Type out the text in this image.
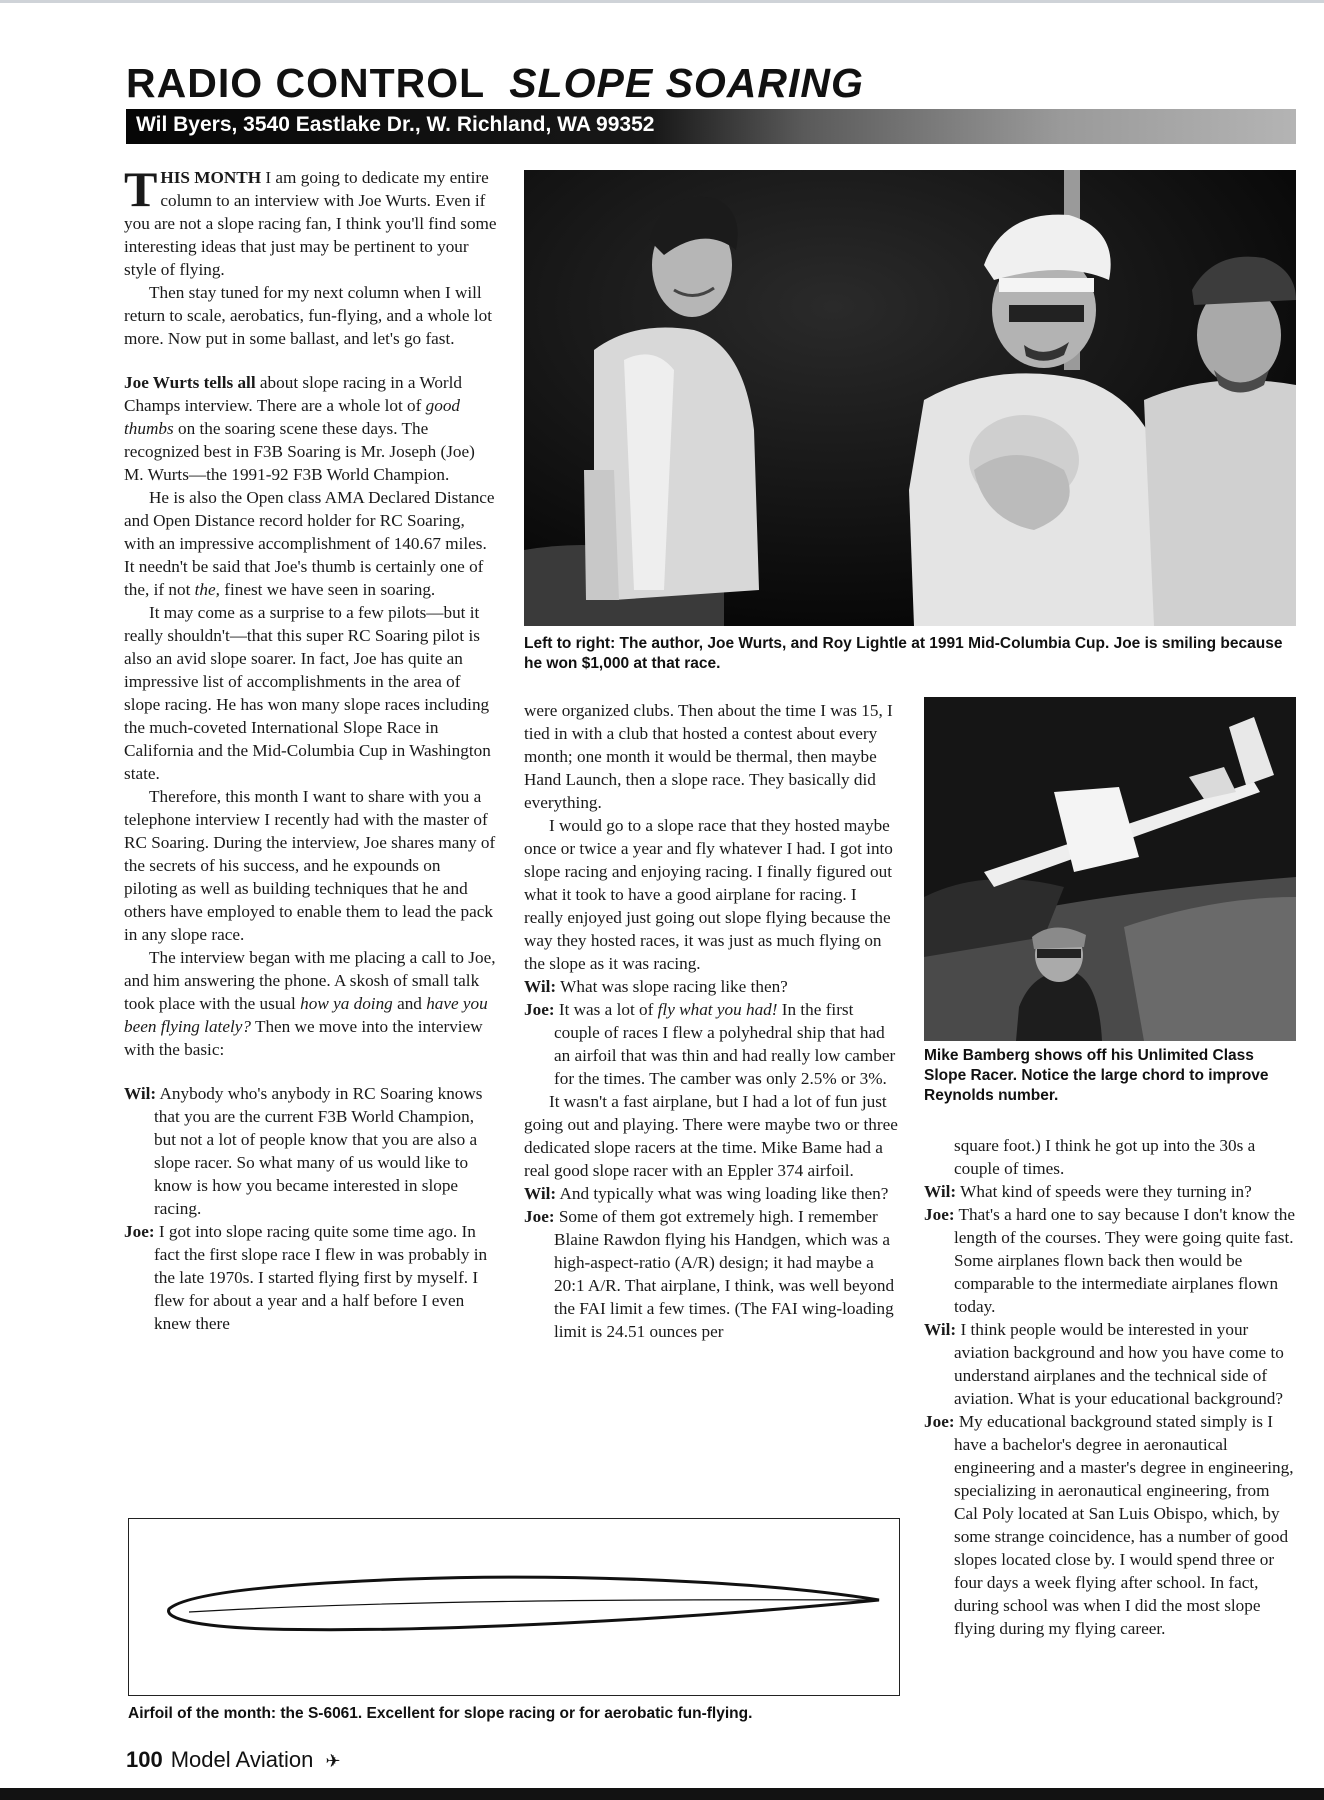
RADIO CONTROL SLOPE SOARING
Wil Byers, 3540 Eastlake Dr., W. Richland, WA 99352

THIS MONTH I am going to dedicate my entire column to an interview with Joe Wurts. Even if you are not a slope racing fan, I think you'll find some interesting ideas that just may be pertinent to your style of flying.

Then stay tuned for my next column when I will return to scale, aerobatics, fun-flying, and a whole lot more. Now put in some ballast, and let's go fast.

Joe Wurts tells all about slope racing in a World Champs interview. There are a whole lot of good thumbs on the soaring scene these days. The recognized best in F3B Soaring is Mr. Joseph (Joe) M. Wurts—the 1991-92 F3B World Champion.

He is also the Open class AMA Declared Distance and Open Distance record holder for RC Soaring, with an impressive accomplishment of 140.67 miles. It needn't be said that Joe's thumb is certainly one of the, if not the, finest we have seen in soaring.

It may come as a surprise to a few pilots—but it really shouldn't—that this super RC Soaring pilot is also an avid slope soarer. In fact, Joe has quite an impressive list of accomplishments in the area of slope racing. He has won many slope races including the much-coveted International Slope Race in California and the Mid-Columbia Cup in Washington state.

Therefore, this month I want to share with you a telephone interview I recently had with the master of RC Soaring. During the interview, Joe shares many of the secrets of his success, and he expounds on piloting as well as building techniques that he and others have employed to enable them to lead the pack in any slope race.

The interview began with me placing a call to Joe, and him answering the phone. A skosh of small talk took place with the usual how ya doing and have you been flying lately? Then we move into the interview with the basic:

Wil: Anybody who's anybody in RC Soaring knows that you are the current F3B World Champion, but not a lot of people know that you are also a slope racer. So what many of us would like to know is how you became interested in slope racing.

Joe: I got into slope racing quite some time ago. In fact the first slope race I flew in was probably in the late 1970s. I started flying first by myself. I flew for about a year and a half before I even knew there

Left to right: The author, Joe Wurts, and Roy Lightle at 1991 Mid-Columbia Cup. Joe is smiling because he won $1,000 at that race.

were organized clubs. Then about the time I was 15, I tied in with a club that hosted a contest about every month; one month it would be thermal, then maybe Hand Launch, then a slope race. They basically did everything.

I would go to a slope race that they hosted maybe once or twice a year and fly whatever I had. I got into slope racing and enjoying racing. I finally figured out what it took to have a good airplane for racing. I really enjoyed just going out slope flying because the way they hosted races, it was just as much flying on the slope as it was racing.

Wil: What was slope racing like then?

Joe: It was a lot of fly what you had! In the first couple of races I flew a polyhedral ship that had an airfoil that was thin and had really low camber for the times. The camber was only 2.5% or 3%.

It wasn't a fast airplane, but I had a lot of fun just going out and playing. There were maybe two or three dedicated slope racers at the time. Mike Bame had a real good slope racer with an Eppler 374 airfoil.

Wil: And typically what was wing loading like then?

Joe: Some of them got extremely high. I remember Blaine Rawdon flying his Handgen, which was a high-aspect-ratio (A/R) design; it had maybe a 20:1 A/R. That airplane, I think, was well beyond the FAI limit a few times. (The FAI wing-loading limit is 24.51 ounces per

Mike Bamberg shows off his Unlimited Class Slope Racer. Notice the large chord to improve Reynolds number.

square foot.) I think he got up into the 30s a couple of times.

Wil: What kind of speeds were they turning in?

Joe: That's a hard one to say because I don't know the length of the courses. They were going quite fast. Some airplanes flown back then would be comparable to the intermediate airplanes flown today.

Wil: I think people would be interested in your aviation background and how you have come to understand airplanes and the technical side of aviation. What is your educational background?

Joe: My educational background stated simply is I have a bachelor's degree in aeronautical engineering and a master's degree in engineering, specializing in aeronautical engineering, from Cal Poly located at San Luis Obispo, which, by some strange coincidence, has a number of good slopes located close by. I would spend three or four days a week flying after school. In fact, during school was when I did the most slope flying during my flying career.

Airfoil of the month: the S-6061. Excellent for slope racing or for aerobatic fun-flying.
100 Model Aviation ✈
